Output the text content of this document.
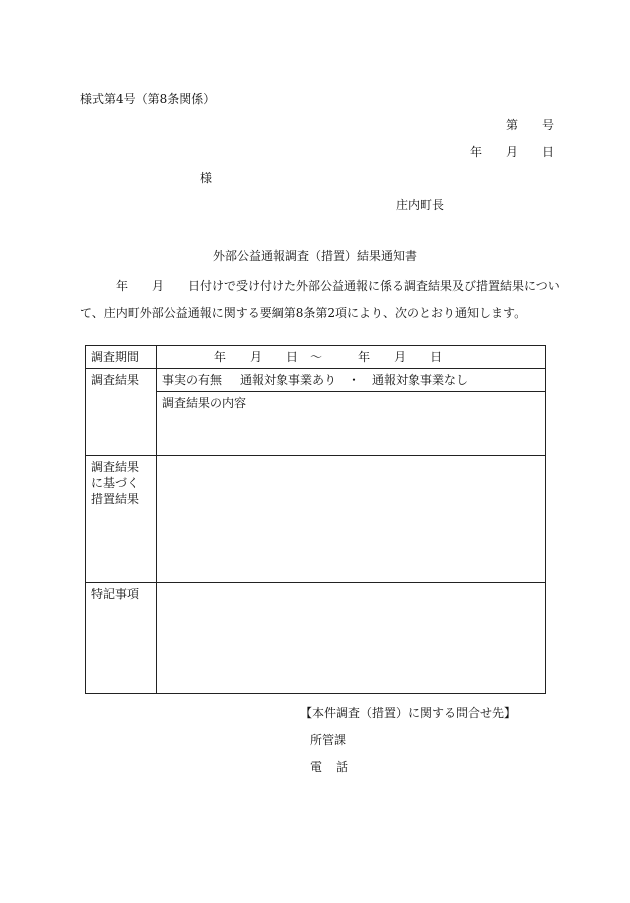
様式第4号（第8条関係）
第 号
年 月 日
様
庄内町長
外部公益通報調査（措置）結果通知書
年 月 日付けで受け付けた外部公益通報に係る調査結果及び措置結果につい
て、庄内町外部公益通報に関する要綱第8条第2項により、次のとおり通知します。
調査期間	年 月 日 ～ 年 月 日
調査結果	事実の有無 通報対象事業あり ・ 通報対象事業なし
	調査結果の内容

調査結果
に基づく
措置結果	

特記事項	
【本件調査（措置）に関する問合せ先】
所管課
電 話
